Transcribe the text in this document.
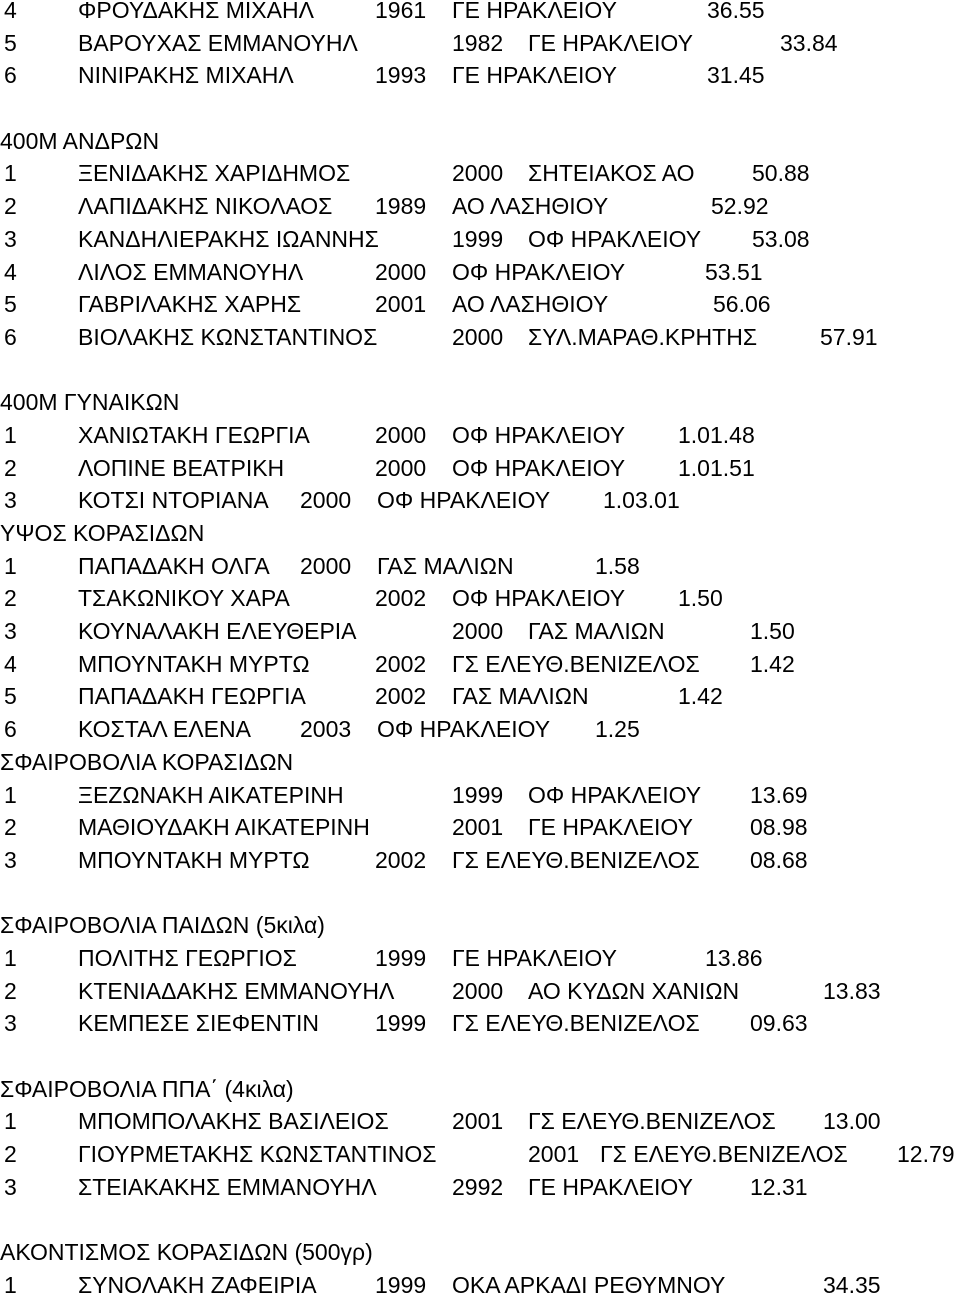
4	ΦΡΟΥΔΑΚΗΣ ΜΙΧΑΗΛ	1961 ΓΕ ΗΡΑΚΛΕΙΟΥ	36.55
5	ΒΑΡΟΥΧΑΣ ΕΜΜΑΝΟΥΗΛ	1982 ΓΕ ΗΡΑΚΛΕΙΟΥ	33.84
6	ΝΙΝΙΡΑΚΗΣ ΜΙΧΑΗΛ	1993 ΓΕ ΗΡΑΚΛΕΙΟΥ	31.45
400Μ ΑΝΔΡΩΝ
1	ΞΕΝΙΔΑΚΗΣ ΧΑΡΙΔΗΜΟΣ	2000 ΣΗΤΕΙΑΚΟΣ ΑΟ 50.88
2	ΛΑΠΙΔΑΚΗΣ ΝΙΚΟΛΑΟΣ 1989 ΑΟ ΛΑΣΗΘΙΟΥ	52.92
3	ΚΑΝΔΗΛΙΕΡΑΚΗΣ ΙΩΑΝΝΗΣ	1999 ΟΦ ΗΡΑΚΛΕΙΟΥ 53.08
4	ΛΙΛΟΣ ΕΜΜΑΝΟΥΗΛ	2000 ΟΦ ΗΡΑΚΛΕΙΟΥ	53.51
5	ΓΑΒΡΙΛΑΚΗΣ ΧΑΡΗΣ	2001 ΑΟ ΛΑΣΗΘΙΟΥ	56.06
6	ΒΙΟΛΑΚΗΣ ΚΩΝΣΤΑΝΤΙΝΟΣ	2000 ΣΥΛ.ΜΑΡΑΘ.ΚΡΗΤΗΣ	57.91
400Μ ΓΥΝΑΙΚΩΝ
1	ΧΑΝΙΩΤΑΚΗ ΓΕΩΡΓΙΑ	2000 ΟΦ ΗΡΑΚΛΕΙΟΥ 1.01.48
2	ΛΟΠΙΝΕ ΒΕΑΤΡΙΚΗ	2000 ΟΦ ΗΡΑΚΛΕΙΟΥ 1.01.51
3	ΚΟΤΣΙ ΝΤΟΡΙΑΝΑ 2000 ΟΦ ΗΡΑΚΛΕΙΟΥ 1.03.01
ΥΨΟΣ ΚΟΡΑΣΙΔΩΝ
1	ΠΑΠΑΔΑΚΗ ΟΛΓΑ 2000 ΓΑΣ ΜΑΛΙΩΝ	1.58
2	ΤΣΑΚΩΝΙΚΟΥ ΧΑΡΑ	2002 ΟΦ ΗΡΑΚΛΕΙΟΥ 1.50
3	ΚΟΥΝΑΛΑΚΗ ΕΛΕΥΘΕΡΙΑ	2000 ΓΑΣ ΜΑΛΙΩΝ	1.50
4	ΜΠΟΥΝΤΑΚΗ ΜΥΡΤΩ	2002 ΓΣ ΕΛΕΥΘ.ΒΕΝΙΖΕΛΟΣ 1.42
5	ΠΑΠΑΔΑΚΗ ΓΕΩΡΓΙΑ	2002 ΓΑΣ ΜΑΛΙΩΝ	1.42
6	ΚΟΣΤΑΛ ΕΛΕΝΑ 2003 ΟΦ ΗΡΑΚΛΕΙΟΥ 1.25
ΣΦΑΙΡΟΒΟΛΙΑ ΚΟΡΑΣΙΔΩΝ
1	ΞΕΖΩΝΑΚΗ ΑΙΚΑΤΕΡΙΝΗ	1999 ΟΦ ΗΡΑΚΛΕΙΟΥ 13.69
2	ΜΑΘΙΟΥΔΑΚΗ ΑΙΚΑΤΕΡΙΝΗ	2001 ΓΕ ΗΡΑΚΛΕΙΟΥ 08.98
3	ΜΠΟΥΝΤΑΚΗ ΜΥΡΤΩ	2002 ΓΣ ΕΛΕΥΘ.ΒΕΝΙΖΕΛΟΣ 08.68
ΣΦΑΙΡΟΒΟΛΙΑ ΠΑΙΔΩΝ (5κιλα)
1	ΠΟΛΙΤΗΣ ΓΕΩΡΓΙΟΣ	1999 ΓΕ ΗΡΑΚΛΕΙΟΥ	13.86
2	ΚΤΕΝΙΑΔΑΚΗΣ ΕΜΜΑΝΟΥΗΛ	2000 ΑΟ ΚΥΔΩΝ ΧΑΝΙΩΝ	13.83
3	ΚΕΜΠΕΣΕ ΣΙΕΦΕΝΤΙΝ 1999 ΓΣ ΕΛΕΥΘ.ΒΕΝΙΖΕΛΟΣ 09.63
ΣΦΑΙΡΟΒΟΛΙΑ ΠΠΑ΄ (4κιλα)
1	ΜΠΟΜΠΟΛΑΚΗΣ ΒΑΣΙΛΕΙΟΣ	2001 ΓΣ ΕΛΕΥΘ.ΒΕΝΙΖΕΛΟΣ 13.00
2	ΓΙΟΥΡΜΕΤΑΚΗΣ ΚΩΝΣΤΑΝΤΙΝΟΣ	2001 ΓΣ ΕΛΕΥΘ.ΒΕΝΙΖΕΛΟΣ 12.79
3	ΣΤΕΙΑΚΑΚΗΣ ΕΜΜΑΝΟΥΗΛ	2992 ΓΕ ΗΡΑΚΛΕΙΟΥ 12.31
ΑΚΟΝΤΙΣΜΟΣ ΚΟΡΑΣΙΔΩΝ (500γρ)
1	ΣΥΝΟΛΑΚΗ ΖΑΦΕΙΡΙΑ	1999 ΟΚΑ ΑΡΚΑΔΙ ΡΕΘΥΜΝΟΥ	34.35
